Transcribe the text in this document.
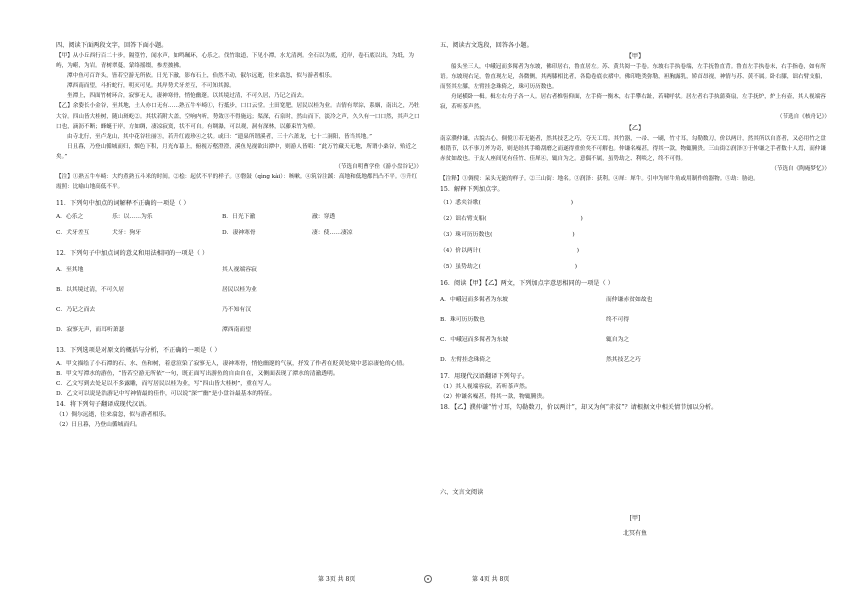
四、阅读下面两段文字，回答下面小题。

【甲】从小丘西行百二十步，隔篁竹，闻水声，如鸣珮环，心乐之。伐竹取道，下见小潭，水尤清冽。全石以为底，近岸，卷石底以出，为坻，为屿，为嵁，为岩。青树翠蔓，蒙络摇缀，参差披拂。

潭中鱼可百许头，皆若空游无所依。日光下澈，影布石上，佁然不动，俶尔远逝，往来翕忽，似与游者相乐。

潭西南而望，斗折蛇行，明灭可见。其岸势犬牙差互，不可知其源。

坐潭上，四面竹树环合，寂寥无人，凄神寒骨，悄怆幽邃。以其境过清，不可久居，乃记之而去。

【乙】余姿长小金谷，至其地，土人亦口无有……熟五牛车崎①，行抵步，口口云堂。土田宽肥，居民以桂为业。吉情有翠淙，系姻，南出之，乃牡大谷。四山皆大桂树，随山斑屹②。其状若附大盖，空响内听，势敛③不得施远；渠深，石泉时，然山而下，淡冷之声，久久有一口口然，其声之口口也，滴沥不断；蜂蜒于岸，方如绸，凄凉寂寞，状不可自。有绸瀑，可以观，洞有深林，以藤束竹为桥。

由寺北行，至卢龙山，其中花谷壮丽③，若升红霞珍④之状。或曰：“遗臬所谓溪者，三十六萧龙，七十二洞阳，皆当其地。”

日且暮，乃登山循城而归，烟色下积，月光布幕上，俯视万壑澄澄，溪鱼见视欲出潭中，则游人皆唱：“此万竹藏天无地，所谓小桑谷，殆近之矣。”

（节选自明曹学佺《游小盘谷记》）

【注】①熟五牛车崎：大约煮熟五斗米的时间。②桧：起伏不平的样子。③磐鼓（qìng kài）：咳嗽。④筑谷注蹊：高地和低地都凹凸不平。⑤升红霞照：比喻山地高低不平。

11．下列句中加点的词解释不正确的一项是（ ）

A．心乐之	乐：以……为乐	B．日光下澈	澈：穿透
C．犬牙差互	犬牙：狗牙	D．凄神寒骨	凄：使……凄凉

12．下列句子中加点词的意义和用法相同的一项是（ ）

A．至其地	其人视端容寂
B．以其境过清，不可久居	居民以桂为业
C．乃记之而去	乃不知有汉
D．寂寥无声，而耳听萧瑟	潭西南而望

13．下列选项是对原文的概括与分析，不正确的一项是（ ）

A．甲文描绘了小石潭的石、水、鱼和树，着意渲染了寂寥无人，凄神寒骨，悄怆幽邃的气氛，抒发了作者在贬黄处境中悲凉凄怆的心情。

B．甲文写潭水的游鱼，“皆若空游无所依”一句，既正面写出游鱼的自由自在，又侧面表现了潭水的清澈透明。

C．乙文写到去处足以不多露雕，而写居民以桂为业，写“四山皆大桂树”，重在写人。

D．乙文可以说是浩游记中写神情最的佳作，可以说“深”“幽”是小盘谷最基本的特征。

14．将下列句子翻译成现代汉语。

（1）倜尔远逝，往来翕忽，似与游者相乐。

（2）日且暮，乃登山循城而归。

五、阅读古文选段，回答各小题。

【甲】

船头坐三人，中峨冠而多髯者为东坡，佛印居右，鲁直居左。苏、黄共阅一手卷。东坡右手执卷端，左手抚鲁直背。鲁直左手执卷末，右手指卷，如有所语。东坡现右足，鲁直现左足，各微侧，其两膝相比者，各隐卷底衣褶中。佛印绝类弥勒，袒胸露乳，矫首昂视，神情与苏、黄不属。卧右膝，诎右臂支船，而竖其左膝，左臂挂念珠倚之，珠可历历数也。

舟尾横卧一楫。楫左右舟子各一人。居右者椎髻仰面，左手倚一衡木，右手攀右趾，若啸呼状。居左者右手执蒲葵扇，左手抚炉，炉上有壶，其人视端容寂，若听茶声然。

（节选自《核舟记》）

【乙】

南京濮仲谦，古貌古心，倜傥①若无能者，然其技艺之巧，夺天工焉。其竹器，一帚、一刷，竹寸耳，勾勒数刀，价以两计，然其所以自喜者，又必用竹之盘根错节，以不事刀斧为奇，则是经其手略刮磨之而遂得重价矣不可解也。仲谦名噪甚，得其一款，物辄腾贵。三山街②润泽③于仲谦之手者数十人焉，而仲谦赤贫如故也。于友人座间见有佳竹、佳犀④，辄自为之。意偶不属，虽势劫之、利啖之，终不可得。

（节选自《陶庵梦忆》）

【注释】①倜傥：呆头无能的样子。②三山街：地名。③润泽：获利。④犀：犀牛。引申为犀牛角或用制作的器物。⑤劫：胁迫。

15．解释下列加点字。

（1）悉夹谷歌(	)

（2）诎右臂支船(	)

（3）珠可历历数也(	)

（4）价以两计(	)

（5）虽势劫之(	)

16．阅读【甲】【乙】两文，下列加点字意思相同的一项是（ ）

A．中峨冠而多髯者为东坡	而仲谦赤贫如故也
B．珠可历历数也	终不可得
C．中峨冠而多髯者为东坡	辄自为之
D．左臂挂念珠倚之	然其技艺之巧

17．用现代汉语翻译下列句子。

（1）其人视端容寂，若听茶声然。

（2）仲谦名噪甚，得其一款，物辄腾贵。

18．【乙】濮仲谦“竹寸耳，勾勒数刀，价以两计”，却又为何“赤贫”？请根据文中相关情节加以分析。

六、文言文阅读

[甲]

北冥有鱼

第 3页 共 8页	第 4页 共 8页
